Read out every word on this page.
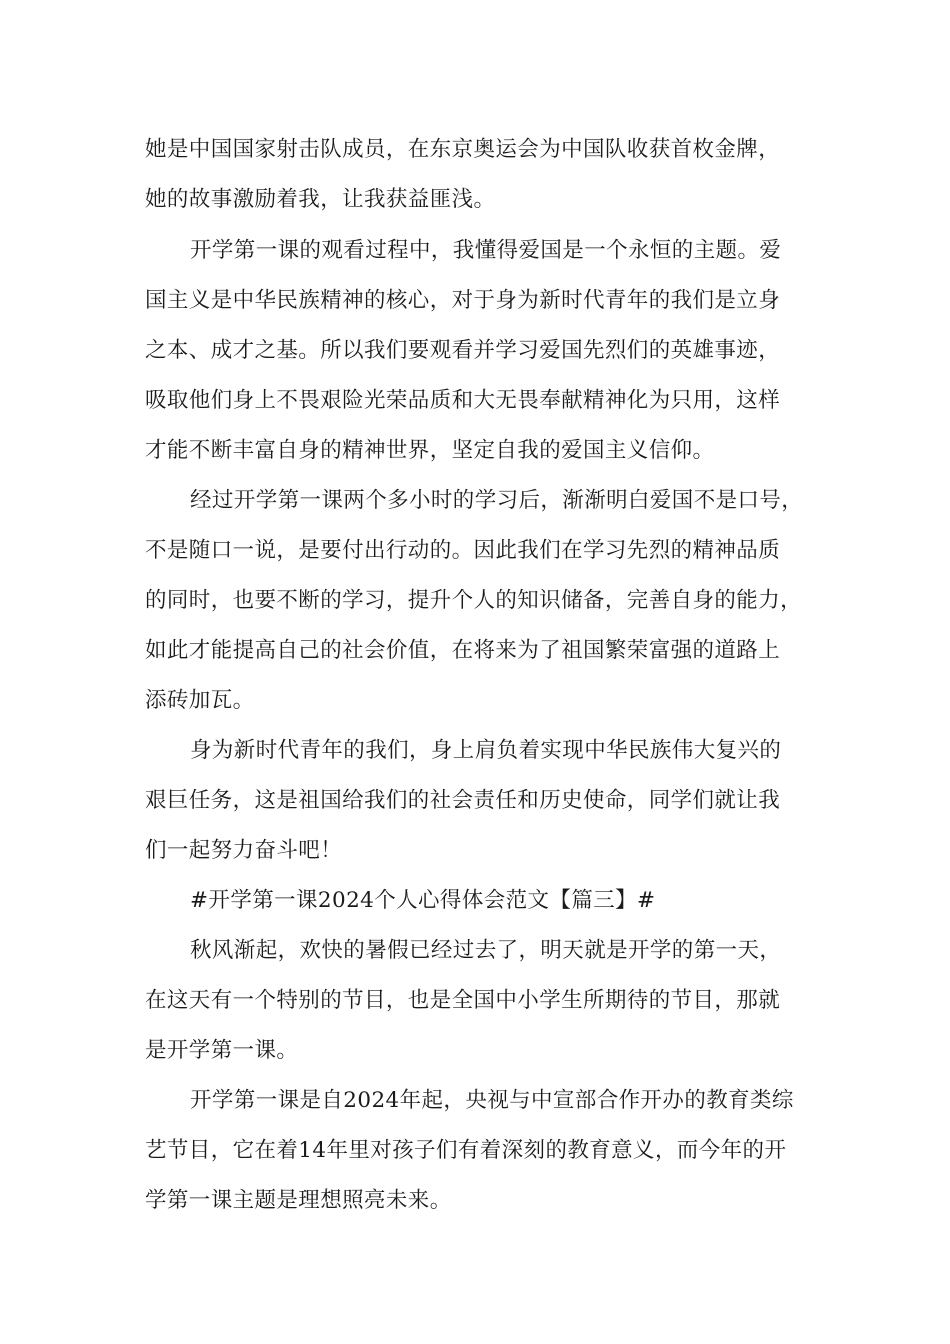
她是中国国家射击队成员，在东京奥运会为中国队收获首枚金牌，

她的故事激励着我，让我获益匪浅。

开学第一课的观看过程中，我懂得爱国是一个永恒的主题。爱

国主义是中华民族精神的核心，对于身为新时代青年的我们是立身

之本、成才之基。所以我们要观看并学习爱国先烈们的英雄事迹，

吸取他们身上不畏艰险光荣品质和大无畏奉献精神化为只用，这样

才能不断丰富自身的精神世界，坚定自我的爱国主义信仰。

经过开学第一课两个多小时的学习后，渐渐明白爱国不是口号，

不是随口一说，是要付出行动的。因此我们在学习先烈的精神品质

的同时，也要不断的学习，提升个人的知识储备，完善自身的能力，

如此才能提高自己的社会价值，在将来为了祖国繁荣富强的道路上

添砖加瓦。

身为新时代青年的我们，身上肩负着实现中华民族伟大复兴的

艰巨任务，这是祖国给我们的社会责任和历史使命，同学们就让我

们一起努力奋斗吧！

#开学第一课2024个人心得体会范文【篇三】#

秋风渐起，欢快的暑假已经过去了，明天就是开学的第一天，

在这天有一个特别的节目，也是全国中小学生所期待的节目，那就

是开学第一课。

开学第一课是自2024年起，央视与中宣部合作开办的教育类综

艺节目，它在着14年里对孩子们有着深刻的教育意义，而今年的开

学第一课主题是理想照亮未来。
